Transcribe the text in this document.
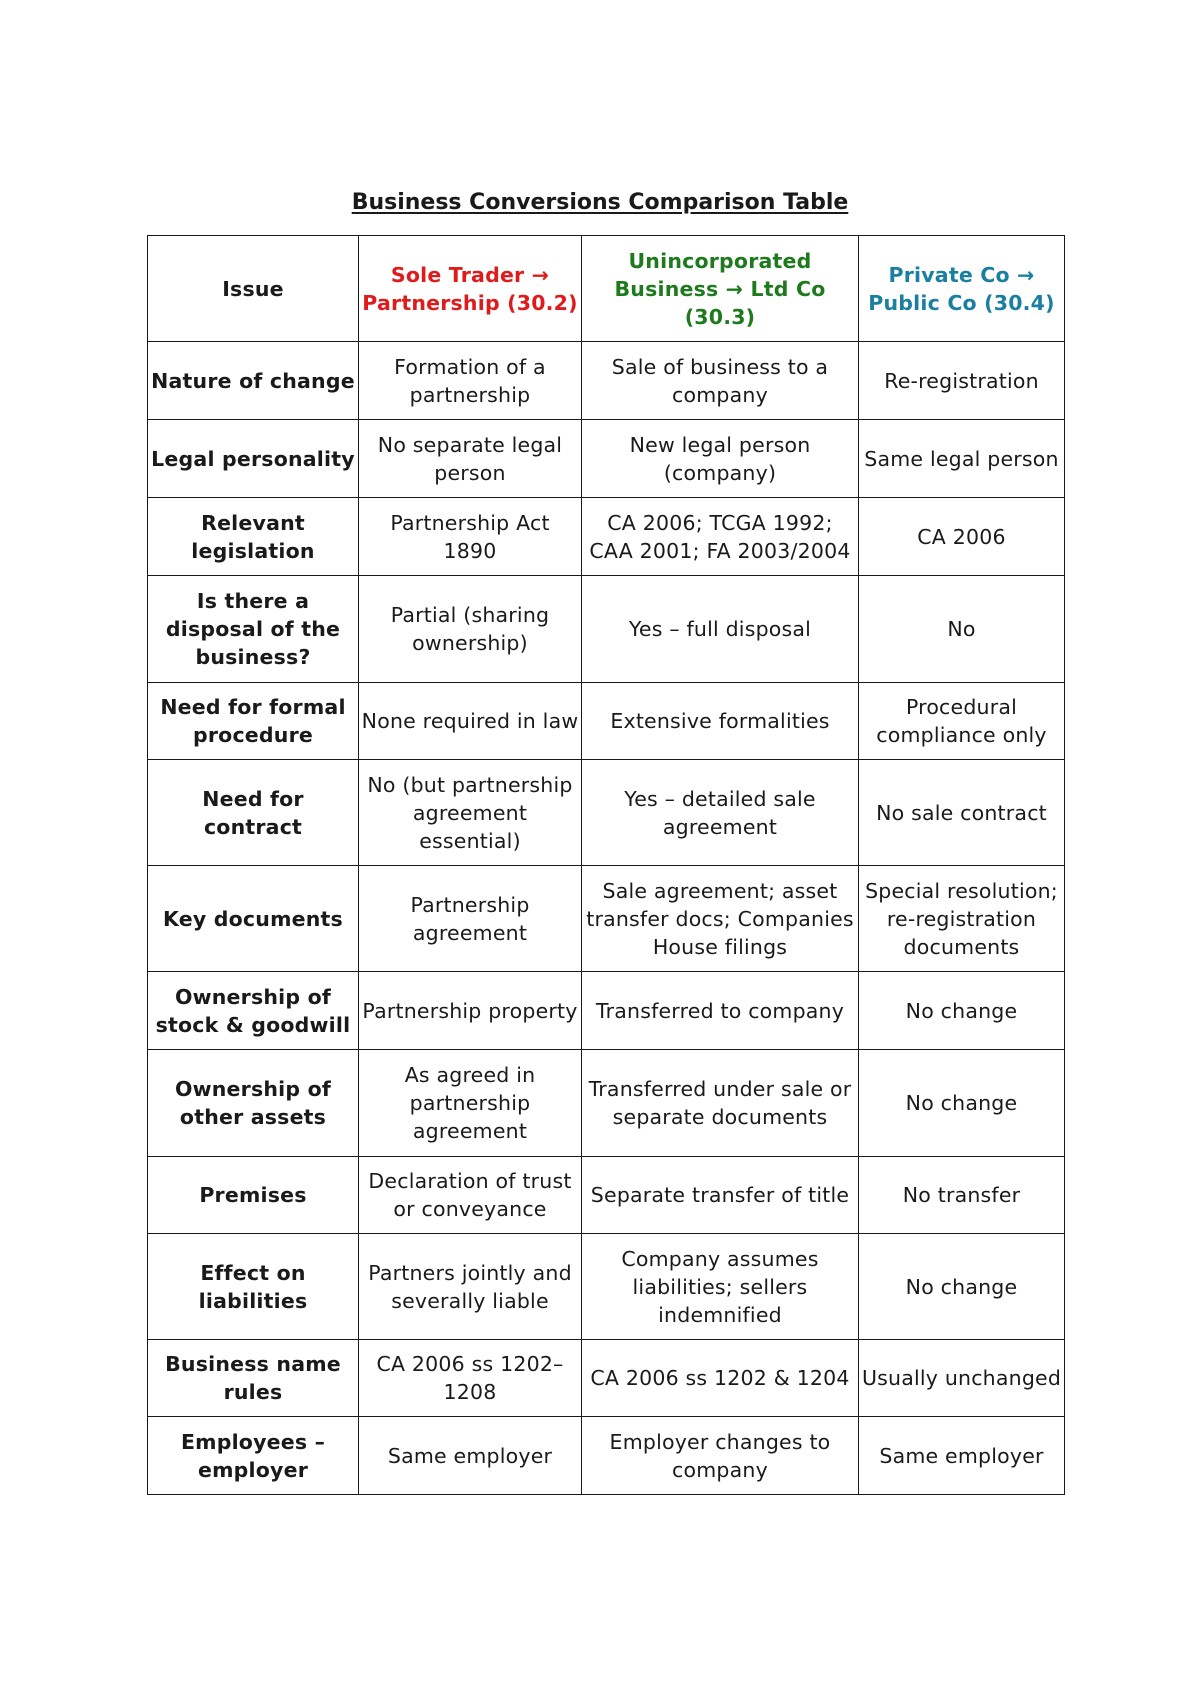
Business Conversions Comparison Table
Issue	Sole Trader → Partnership (30.2)	Unincorporated Business → Ltd Co (30.3)	Private Co → Public Co (30.4)
Nature of change	Formation of a partnership	Sale of business to a company	Re-registration
Legal personality	No separate legal person	New legal person (company)	Same legal person
Relevant legislation	Partnership Act 1890	CA 2006; TCGA 1992; CAA 2001; FA 2003/2004	CA 2006
Is there a disposal of the business?	Partial (sharing ownership)	Yes – full disposal	No
Need for formal procedure	None required in law	Extensive formalities	Procedural compliance only
Need for contract	No (but partnership agreement essential)	Yes – detailed sale agreement	No sale contract
Key documents	Partnership agreement	Sale agreement; asset transfer docs; Companies House filings	Special resolution; re-registration documents
Ownership of stock & goodwill	Partnership property	Transferred to company	No change
Ownership of other assets	As agreed in partnership agreement	Transferred under sale or separate documents	No change
Premises	Declaration of trust or conveyance	Separate transfer of title	No transfer
Effect on liabilities	Partners jointly and severally liable	Company assumes liabilities; sellers indemnified	No change
Business name rules	CA 2006 ss 1202–1208	CA 2006 ss 1202 & 1204	Usually unchanged
Employees – employer	Same employer	Employer changes to company	Same employer
